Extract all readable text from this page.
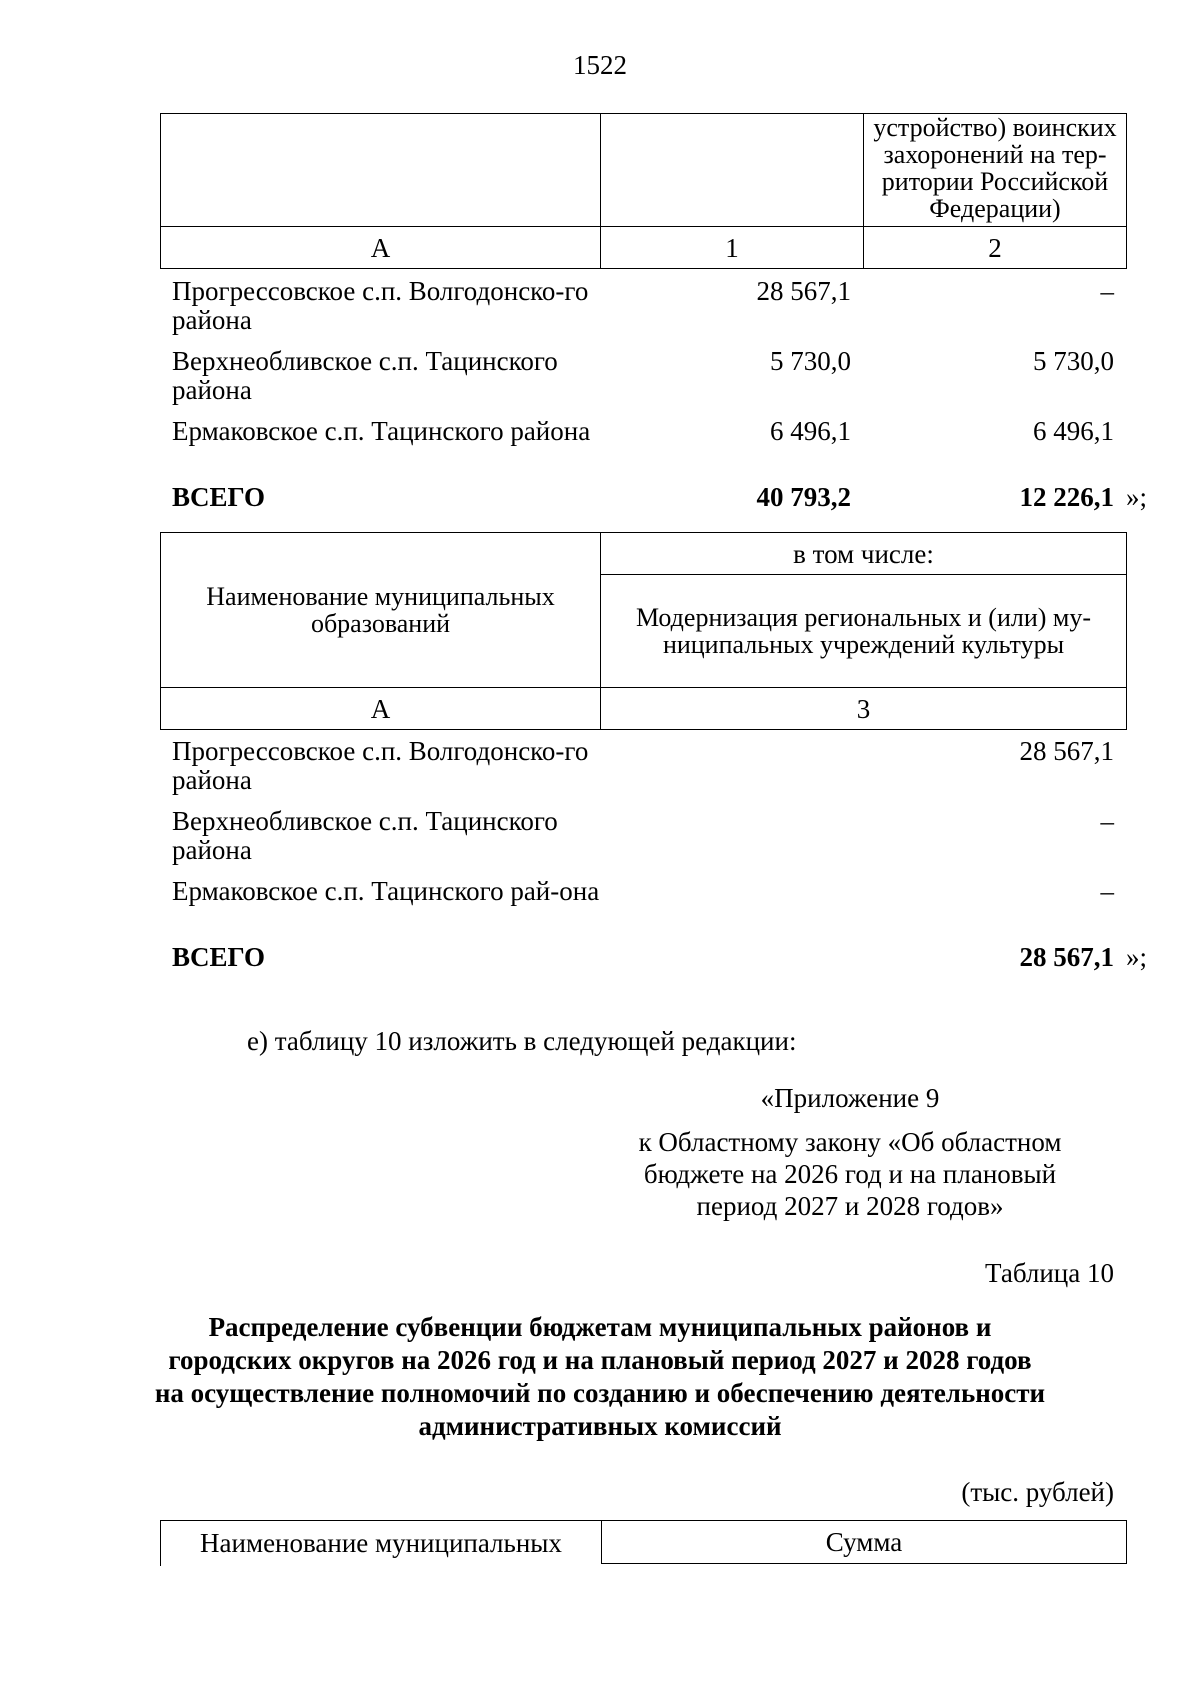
1522

		устройство) воинских захоронений на тер-ритории Российской Федерации)

А	1	2
Прогрессовское с.п. Волгодонско-го района	28 567,1	–	
Верхнеобливское с.п. Тацинского района	5 730,0	5 730,0	
Ермаковское с.п. Тацинского района	6 496,1	6 496,1	
ВСЕГО	40 793,2	12 226,1	»;
Наименование муниципальных образований	в том числе:

	Модернизация региональных и (или) му-ниципальных учреждений культуры

А	3
Прогрессовское с.п. Волгодонско-го района	28 567,1	
Верхнеобливское с.п. Тацинского района	–	
Ермаковское с.п. Тацинского рай-она	–	
ВСЕГО	28 567,1	»;
е) таблицу 10 изложить в следующей редакции:
«Приложение 9
к Областному закону «Об областном
бюджете на 2026 год и на плановый
период 2027 и 2028 годов»
Таблица 10
Распределение субвенции бюджетам муниципальных районов и
городских округов на 2026 год и на плановый период 2027 и 2028 годов
на осуществление полномочий по созданию и обеспечению деятельности
административных комиссий
(тыс. рублей)
Наименование муниципальных	Сумма
